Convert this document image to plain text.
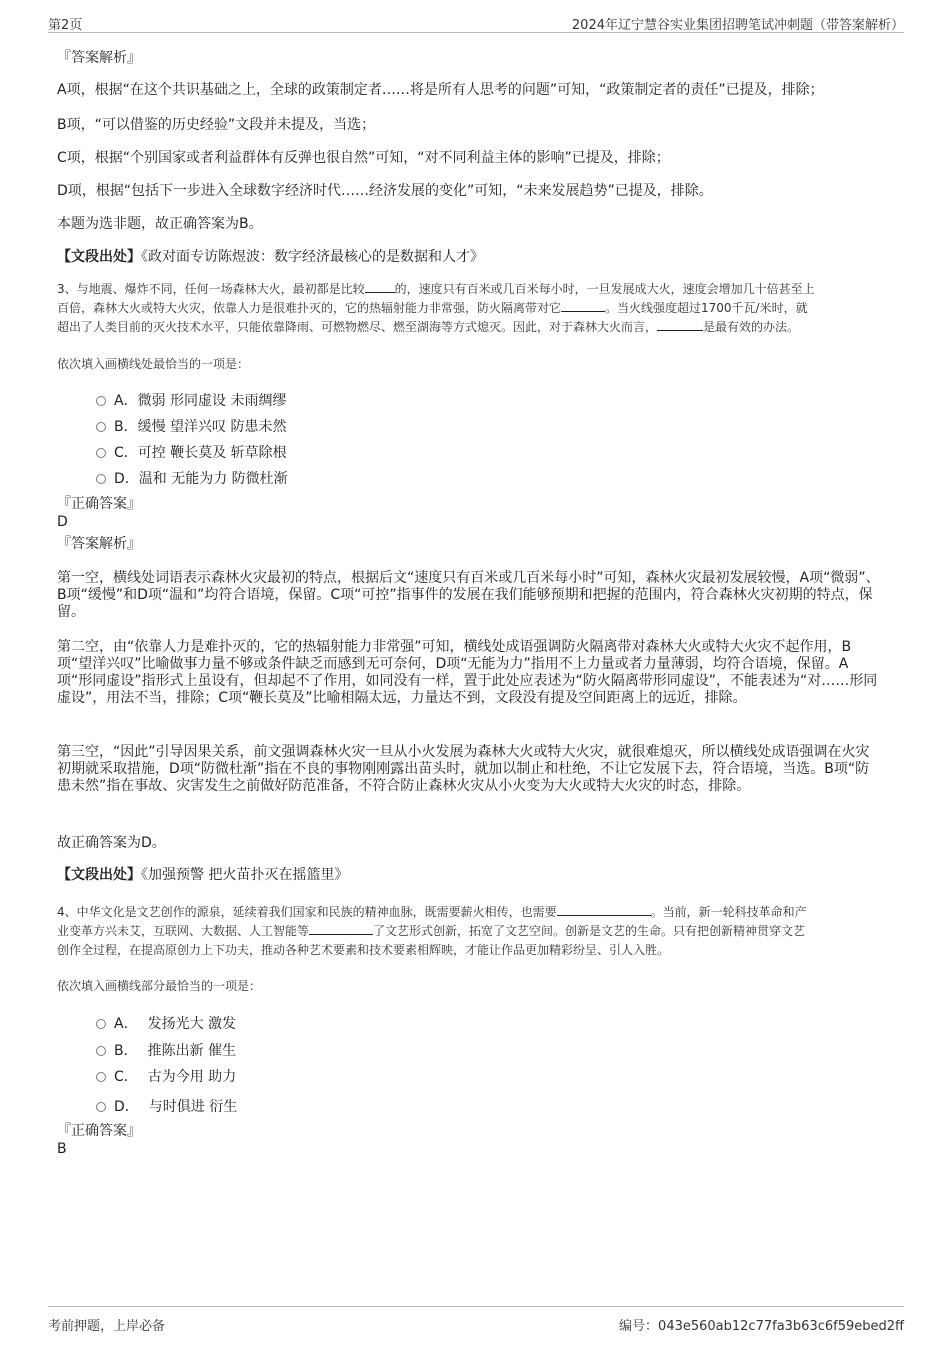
第2页	2024年辽宁慧谷实业集团招聘笔试冲刺题（带答案解析）
『答案解析』
A项，根据“在这个共识基础之上，全球的政策制定者……将是所有人思考的问题”可知，“政策制定者的责任”已提及，排除；
B项，“可以借鉴的历史经验”文段并未提及，当选；
C项，根据“个别国家或者利益群体有反弹也很自然”可知，“对不同利益主体的影响”已提及，排除；
D项，根据“包括下一步进入全球数字经济时代……经济发展的变化”可知，“未来发展趋势”已提及，排除。
本题为选非题，故正确答案为B。
【文段出处】《政对面专访陈煜波：数字经济最核心的是数据和人才》
3、与地震、爆炸不同，任何一场森林大火，最初都是比较	的，速度只有百米或几百米每小时，一旦发展成大火，速度会增加几十倍甚至上
百倍，森林大火或特大火灾，依靠人力是很难扑灭的，它的热辐射能力非常强，防火隔离带对它	。当火线强度超过1700千瓦/米时，就
超出了人类目前的灭火技术水平，只能依靠降雨、可燃物燃尽、燃至湖海等方式熄灭。因此，对于森林大火而言，	是最有效的办法。
依次填入画横线处最恰当的一项是：
A．微弱 形同虚设 未雨绸缪
B．缓慢 望洋兴叹 防患未然
C．可控 鞭长莫及 斩草除根
D．温和 无能为力 防微杜渐
『正确答案』
D
『答案解析』
第一空，横线处词语表示森林火灾最初的特点，根据后文“速度只有百米或几百米每小时”可知，森林火灾最初发展较慢，A项“微弱”、B项“缓慢”和D项“温和”均符合语境，保留。C项“可控”指事件的发展在我们能够预期和把握的范围内，符合森林火灾初期的特点，保留。
第二空，由“依靠人力是难扑灭的，它的热辐射能力非常强”可知，横线处成语强调防火隔离带对森林大火或特大火灾不起作用，B项“望洋兴叹”比喻做事力量不够或条件缺乏而感到无可奈何，D项“无能为力”指用不上力量或者力量薄弱，均符合语境，保留。A项“形同虚设”指形式上虽设有，但却起不了作用，如同没有一样，置于此处应表述为“防火隔离带形同虚设”，不能表述为“对……形同虚设”，用法不当，排除；C项“鞭长莫及”比喻相隔太远，力量达不到，文段没有提及空间距离上的远近，排除。
第三空，“因此”引导因果关系，前文强调森林火灾一旦从小火发展为森林大火或特大火灾，就很难熄灭，所以横线处成语强调在火灾初期就采取措施，D项“防微杜渐”指在不良的事物刚刚露出苗头时，就加以制止和杜绝，不让它发展下去，符合语境，当选。B项“防患未然”指在事故、灾害发生之前做好防范准备，不符合防止森林火灾从小火变为大火或特大火灾的时态，排除。
故正确答案为D。
【文段出处】《加强预警 把火苗扑灭在摇篮里》
4、中华文化是文艺创作的源泉，延续着我们国家和民族的精神血脉，既需要薪火相传，也需要	。当前，新一轮科技革命和产
业变革方兴未艾，互联网、大数据、人工智能等	了文艺形式创新，拓宽了文艺空间。创新是文艺的生命。只有把创新精神贯穿文艺
创作全过程，在提高原创力上下功夫，推动各种艺术要素和技术要素相辉映，才能让作品更加精彩纷呈、引人入胜。
依次填入画横线部分最恰当的一项是：
A． 发扬光大 激发
B． 推陈出新 催生
C． 古为今用 助力
D． 与时俱进 衍生
『正确答案』
B
考前押题，上岸必备	编号：043e560ab12c77fa3b63c6f59ebed2ff
